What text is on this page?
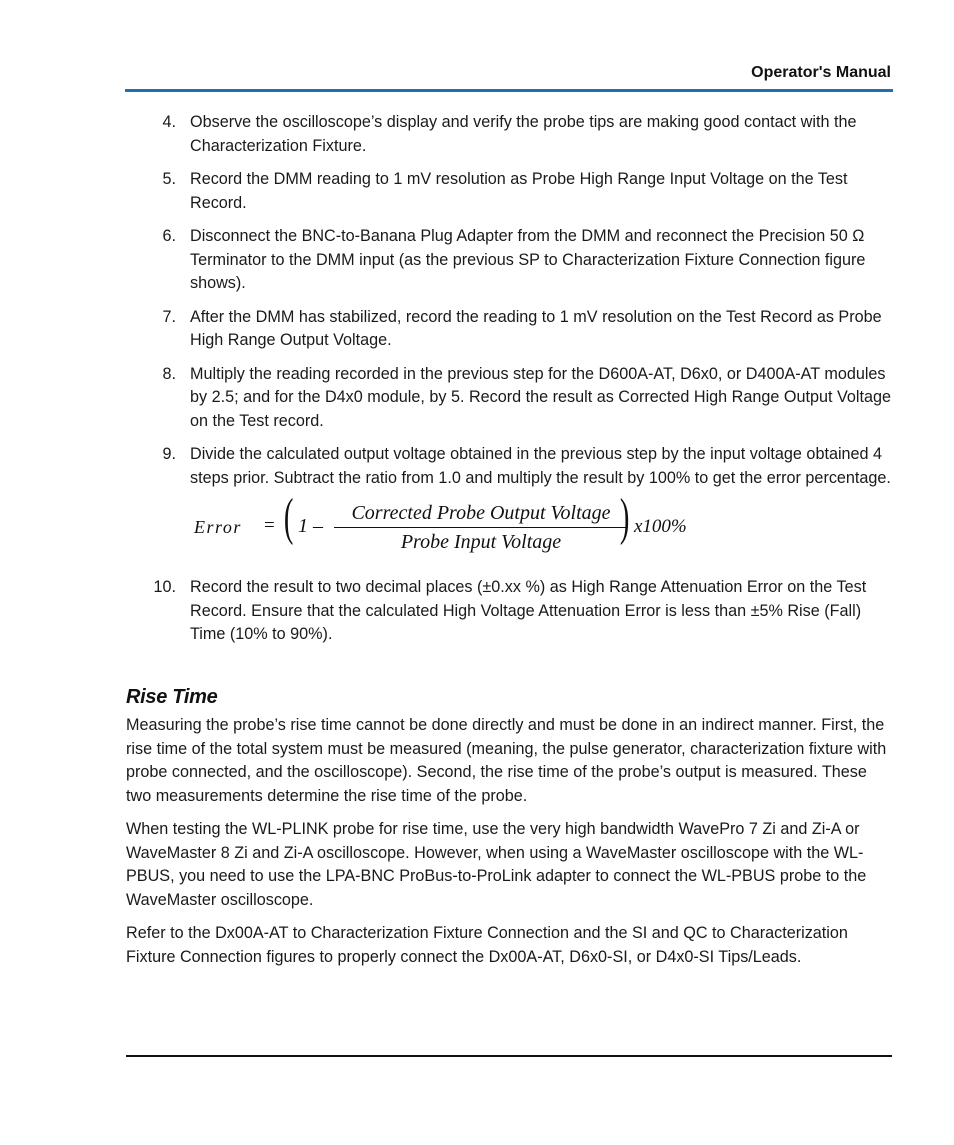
Operator's Manual
4. Observe the oscilloscope’s display and verify the probe tips are making good contact with the Characterization Fixture.
5. Record the DMM reading to 1 mV resolution as Probe High Range Input Voltage on the Test Record.
6. Disconnect the BNC-to-Banana Plug Adapter from the DMM and reconnect the Precision 50 Ω Terminator to the DMM input (as the previous SP to Characterization Fixture Connection figure shows).
7. After the DMM has stabilized, record the reading to 1 mV resolution on the Test Record as Probe High Range Output Voltage.
8. Multiply the reading recorded in the previous step for the D600A-AT, D6x0, or D400A-AT modules by 2.5; and for the D4x0 module, by 5. Record the result as Corrected High Range Output Voltage on the Test record.
9. Divide the calculated output voltage obtained in the previous step by the input voltage obtained 4 steps prior. Subtract the ratio from 1.0 and multiply the result by 100% to get the error percentage.
Error = ( 1 –
Corrected Probe Output Voltage
Probe Input Voltage	) x100%
10. Record the result to two decimal places (±0.xx %) as High Range Attenuation Error on the Test Record. Ensure that the calculated High Voltage Attenuation Error is less than ±5% Rise (Fall) Time (10% to 90%).
Rise Time

Measuring the probe’s rise time cannot be done directly and must be done in an indirect manner. First, the rise time of the total system must be measured (meaning, the pulse generator, characterization fixture with probe connected, and the oscilloscope). Second, the rise time of the probe’s output is measured. These two measurements determine the rise time of the probe.

When testing the WL-PLINK probe for rise time, use the very high bandwidth WavePro 7 Zi and Zi-A or WaveMaster 8 Zi and Zi-A oscilloscope. However, when using a WaveMaster oscilloscope with the WL-PBUS, you need to use the LPA-BNC ProBus-to-ProLink adapter to connect the WL-PBUS probe to the WaveMaster oscilloscope.

Refer to the Dx00A-AT to Characterization Fixture Connection and the SI and QC to Characterization Fixture Connection figures to properly connect the Dx00A-AT, D6x0-SI, or D4x0-SI Tips/Leads.
